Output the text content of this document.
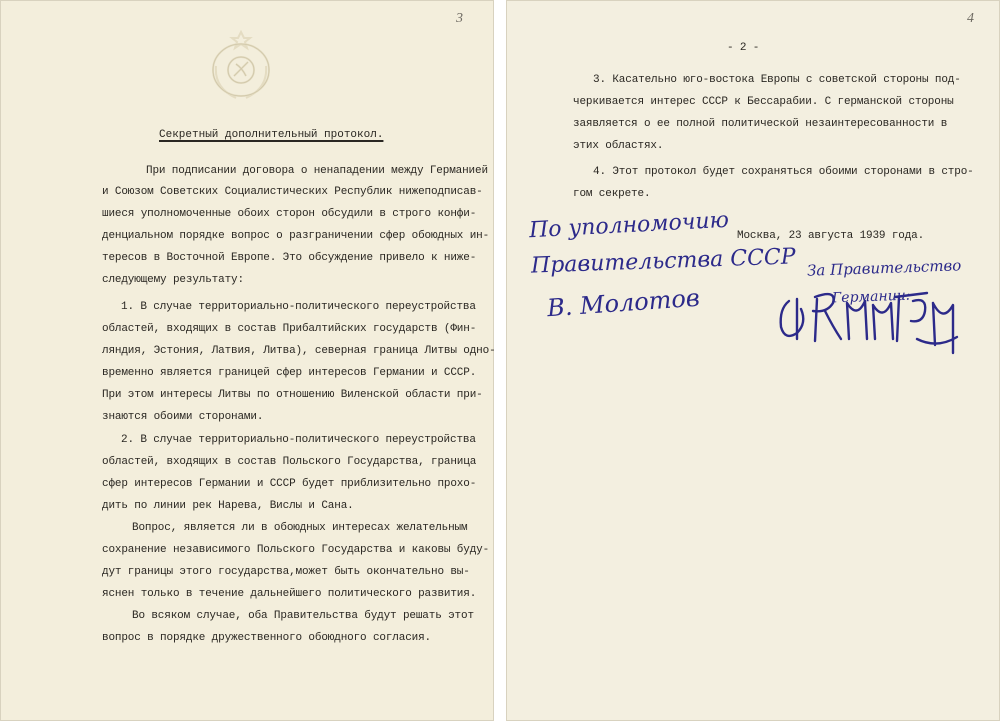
3
Секретный дополнительный протокол.
При подписании договора о ненападении между Германией
и Союзом Советских Социалистических Республик нижеподписав-
шиеся уполномоченные обоих сторон обсудили в строго конфи-
денциальном порядке вопрос о разграничении сфер обоюдных ин-
тересов в Восточной Европе. Это обсуждение привело к ниже-
следующему результату:
1. В случае территориально-политического переустройства
областей, входящих в состав Прибалтийских государств (Фин-
ляндия, Эстония, Латвия, Литва), северная граница Литвы одно-
временно является границей сфер интересов Германии и СССР.
При этом интересы Литвы по отношению Виленской области при-
знаются обоими сторонами.
2. В случае территориально-политического переустройства
областей, входящих в состав Польского Государства, граница
сфер интересов Германии и СССР будет приблизительно прохо-
дить по линии рек Нарева, Вислы и Сана.
Вопрос, является ли в обоюдных интересах желательным
сохранение независимого Польского Государства и каковы буду-
дут границы этого государства,может быть окончательно вы-
яснен только в течение дальнейшего политического развития.
Во всяком случае, оба Правительства будут решать этот
вопрос в порядке дружественного обоюдного согласия.
4
- 2 -
3. Касательно юго-востока Европы с советской стороны под-
черкивается интерес СССР к Бессарабии. С германской стороны
заявляется о ее полной политической незаинтересованности в
этих областях.
4. Этот протокол будет сохраняться обоими сторонами в стро-
гом секрете.
Москва, 23 августа 1939 года.
По уполномочию
Правительства СССР
В. Молотов
За Правительство
Германии:
